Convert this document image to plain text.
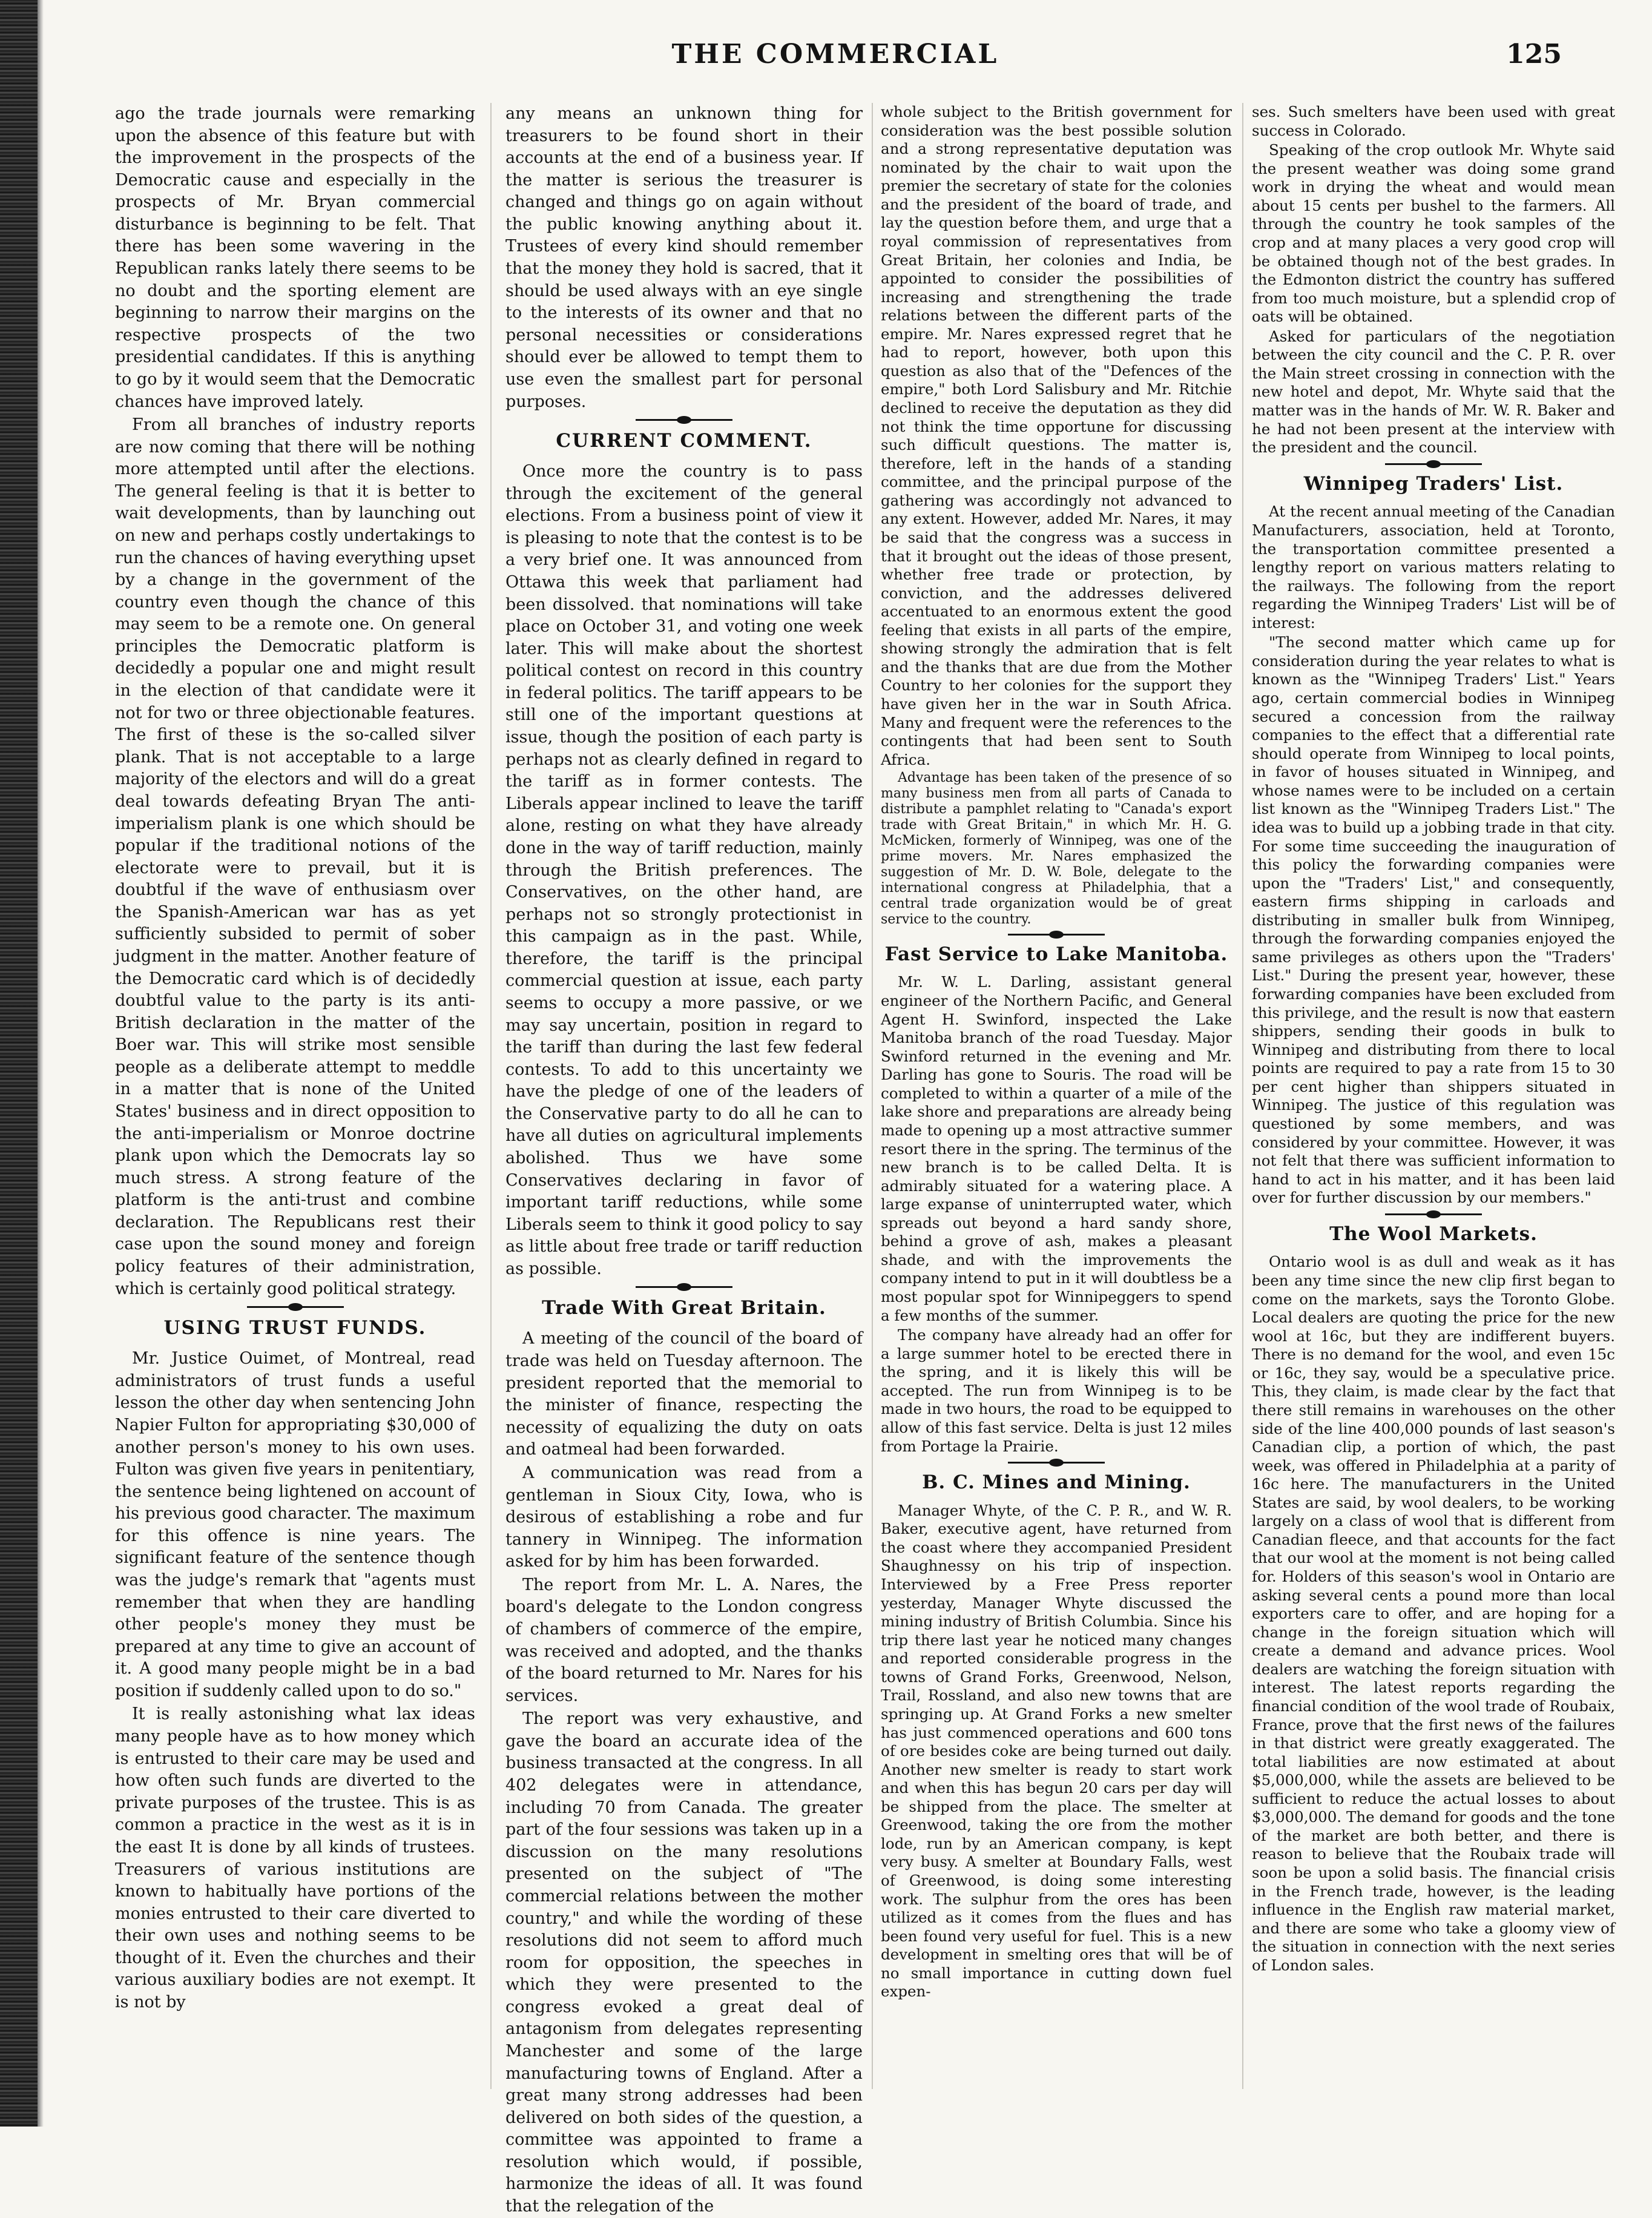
THE COMMERCIAL	125

ago the trade journals were remarking upon the absence of this feature but with the improvement in the prospects of the Democratic cause and especially in the prospects of Mr. Bryan commercial disturbance is beginning to be felt. That there has been some wavering in the Republican ranks lately there seems to be no doubt and the sporting element are beginning to narrow their margins on the respective prospects of the two presidential candidates. If this is anything to go by it would seem that the Democratic chances have improved lately.

From all branches of industry reports are now coming that there will be nothing more attempted until after the elections. The general feeling is that it is better to wait developments, than by launching out on new and perhaps costly undertakings to run the chances of having everything upset by a change in the government of the country even though the chance of this may seem to be a remote one. On general principles the Democratic platform is decidedly a popular one and might result in the election of that candidate were it not for two or three objectionable features. The first of these is the so-called silver plank. That is not acceptable to a large majority of the electors and will do a great deal towards defeating Bryan The anti-imperialism plank is one which should be popular if the traditional notions of the electorate were to prevail, but it is doubtful if the wave of enthusiasm over the Spanish-American war has as yet sufficiently subsided to permit of sober judgment in the matter. Another feature of the Democratic card which is of decidedly doubtful value to the party is its anti-British declaration in the matter of the Boer war. This will strike most sensible people as a deliberate attempt to meddle in a matter that is none of the United States' business and in direct opposition to the anti-imperialism or Monroe doctrine plank upon which the Democrats lay so much stress. A strong feature of the platform is the anti-trust and combine declaration. The Republicans rest their case upon the sound money and foreign policy features of their administration, which is certainly good political strategy.

USING TRUST FUNDS.

Mr. Justice Ouimet, of Montreal, read administrators of trust funds a useful lesson the other day when sentencing John Napier Fulton for appropriating $30,000 of another person's money to his own uses. Fulton was given five years in penitentiary, the sentence being lightened on account of his previous good character. The maximum for this offence is nine years. The significant feature of the sentence though was the judge's remark that "agents must remember that when they are handling other people's money they must be prepared at any time to give an account of it. A good many people might be in a bad position if suddenly called upon to do so."

It is really astonishing what lax ideas many people have as to how money which is entrusted to their care may be used and how often such funds are diverted to the private purposes of the trustee. This is as common a practice in the west as it is in the east It is done by all kinds of trustees. Treasurers of various institutions are known to habitually have portions of the monies entrusted to their care diverted to their own uses and nothing seems to be thought of it. Even the churches and their various auxiliary bodies are not exempt. It is not by

any means an unknown thing for treasurers to be found short in their accounts at the end of a business year. If the matter is serious the treasurer is changed and things go on again without the public knowing anything about it. Trustees of every kind should remember that the money they hold is sacred, that it should be used always with an eye single to the interests of its owner and that no personal necessities or considerations should ever be allowed to tempt them to use even the smallest part for personal purposes.

CURRENT COMMENT.

Once more the country is to pass through the excitement of the general elections. From a business point of view it is pleasing to note that the contest is to be a very brief one. It was announced from Ottawa this week that parliament had been dissolved. that nominations will take place on October 31, and voting one week later. This will make about the shortest political contest on record in this country in federal politics. The tariff appears to be still one of the important questions at issue, though the position of each party is perhaps not as clearly defined in regard to the tariff as in former contests. The Liberals appear inclined to leave the tariff alone, resting on what they have already done in the way of tariff reduction, mainly through the British preferences. The Conservatives, on the other hand, are perhaps not so strongly protectionist in this campaign as in the past. While, therefore, the tariff is the principal commercial question at issue, each party seems to occupy a more passive, or we may say uncertain, position in regard to the tariff than during the last few federal contests. To add to this uncertainty we have the pledge of one of the leaders of the Conservative party to do all he can to have all duties on agricultural implements abolished. Thus we have some Conservatives declaring in favor of important tariff reductions, while some Liberals seem to think it good policy to say as little about free trade or tariff reduction as possible.

Trade With Great Britain.

A meeting of the council of the board of trade was held on Tuesday afternoon. The president reported that the memorial to the minister of finance, respecting the necessity of equalizing the duty on oats and oatmeal had been forwarded.

A communication was read from a gentleman in Sioux City, Iowa, who is desirous of establishing a robe and fur tannery in Winnipeg. The information asked for by him has been forwarded.

The report from Mr. L. A. Nares, the board's delegate to the London congress of chambers of commerce of the empire, was received and adopted, and the thanks of the board returned to Mr. Nares for his services.

The report was very exhaustive, and gave the board an accurate idea of the business transacted at the congress. In all 402 delegates were in attendance, including 70 from Canada. The greater part of the four sessions was taken up in a discussion on the many resolutions presented on the subject of "The commercial relations between the mother country," and while the wording of these resolutions did not seem to afford much room for opposition, the speeches in which they were presented to the congress evoked a great deal of antagonism from delegates representing Manchester and some of the large manufacturing towns of England. After a great many strong addresses had been delivered on both sides of the question, a committee was appointed to frame a resolution which would, if possible, harmonize the ideas of all. It was found that the relegation of the

whole subject to the British government for consideration was the best possible solution and a strong representative deputation was nominated by the chair to wait upon the premier the secretary of state for the colonies and the president of the board of trade, and lay the question before them, and urge that a royal commission of representatives from Great Britain, her colonies and India, be appointed to consider the possibilities of increasing and strengthening the trade relations between the different parts of the empire. Mr. Nares expressed regret that he had to report, however, both upon this question as also that of the "Defences of the empire," both Lord Salisbury and Mr. Ritchie declined to receive the deputation as they did not think the time opportune for discussing such difficult questions. The matter is, therefore, left in the hands of a standing committee, and the principal purpose of the gathering was accordingly not advanced to any extent. However, added Mr. Nares, it may be said that the congress was a success in that it brought out the ideas of those present, whether free trade or protection, by conviction, and the addresses delivered accentuated to an enormous extent the good feeling that exists in all parts of the empire, showing strongly the admiration that is felt and the thanks that are due from the Mother Country to her colonies for the support they have given her in the war in South Africa. Many and frequent were the references to the contingents that had been sent to South Africa.

Advantage has been taken of the presence of so many business men from all parts of Canada to distribute a pamphlet relating to "Canada's export trade with Great Britain," in which Mr. H. G. McMicken, formerly of Winnipeg, was one of the prime movers. Mr. Nares emphasized the suggestion of Mr. D. W. Bole, delegate to the international congress at Philadelphia, that a central trade organization would be of great service to the country.

Fast Service to Lake Manitoba.

Mr. W. L. Darling, assistant general engineer of the Northern Pacific, and General Agent H. Swinford, inspected the Lake Manitoba branch of the road Tuesday. Major Swinford returned in the evening and Mr. Darling has gone to Souris. The road will be completed to within a quarter of a mile of the lake shore and preparations are already being made to opening up a most attractive summer resort there in the spring. The terminus of the new branch is to be called Delta. It is admirably situated for a watering place. A large expanse of uninterrupted water, which spreads out beyond a hard sandy shore, behind a grove of ash, makes a pleasant shade, and with the improvements the company intend to put in it will doubtless be a most popular spot for Winnipeggers to spend a few months of the summer.

The company have already had an offer for a large summer hotel to be erected there in the spring, and it is likely this will be accepted. The run from Winnipeg is to be made in two hours, the road to be equipped to allow of this fast service. Delta is just 12 miles from Portage la Prairie.

B. C. Mines and Mining.

Manager Whyte, of the C. P. R., and W. R. Baker, executive agent, have returned from the coast where they accompanied President Shaughnessy on his trip of inspection. Interviewed by a Free Press reporter yesterday, Manager Whyte discussed the mining industry of British Columbia. Since his trip there last year he noticed many changes and reported considerable progress in the towns of Grand Forks, Greenwood, Nelson, Trail, Rossland, and also new towns that are springing up. At Grand Forks a new smelter has just commenced operations and 600 tons of ore besides coke are being turned out daily. Another new smelter is ready to start work and when this has begun 20 cars per day will be shipped from the place. The smelter at Greenwood, taking the ore from the mother lode, run by an American company, is kept very busy. A smelter at Boundary Falls, west of Greenwood, is doing some interesting work. The sulphur from the ores has been utilized as it comes from the flues and has been found very useful for fuel. This is a new development in smelting ores that will be of no small importance in cutting down fuel expen-

ses. Such smelters have been used with great success in Colorado.

Speaking of the crop outlook Mr. Whyte said the present weather was doing some grand work in drying the wheat and would mean about 15 cents per bushel to the farmers. All through the country he took samples of the crop and at many places a very good crop will be obtained though not of the best grades. In the Edmonton district the country has suffered from too much moisture, but a splendid crop of oats will be obtained.

Asked for particulars of the negotiation between the city council and the C. P. R. over the Main street crossing in connection with the new hotel and depot, Mr. Whyte said that the matter was in the hands of Mr. W. R. Baker and he had not been present at the interview with the president and the council.

Winnipeg Traders' List.

At the recent annual meeting of the Canadian Manufacturers, association, held at Toronto, the transportation committee presented a lengthy report on various matters relating to the railways. The following from the report regarding the Winnipeg Traders' List will be of interest:

"The second matter which came up for consideration during the year relates to what is known as the "Winnipeg Traders' List." Years ago, certain commercial bodies in Winnipeg secured a concession from the railway companies to the effect that a differential rate should operate from Winnipeg to local points, in favor of houses situated in Winnipeg, and whose names were to be included on a certain list known as the "Winnipeg Traders List." The idea was to build up a jobbing trade in that city. For some time succeeding the inauguration of this policy the forwarding companies were upon the "Traders' List," and consequently, eastern firms shipping in carloads and distributing in smaller bulk from Winnipeg, through the forwarding companies enjoyed the same privileges as others upon the "Traders' List." During the present year, however, these forwarding companies have been excluded from this privilege, and the result is now that eastern shippers, sending their goods in bulk to Winnipeg and distributing from there to local points are required to pay a rate from 15 to 30 per cent higher than shippers situated in Winnipeg. The justice of this regulation was questioned by some members, and was considered by your committee. However, it was not felt that there was sufficient information to hand to act in his matter, and it has been laid over for further discussion by our members."

The Wool Markets.

Ontario wool is as dull and weak as it has been any time since the new clip first began to come on the markets, says the Toronto Globe. Local dealers are quoting the price for the new wool at 16c, but they are indifferent buyers. There is no demand for the wool, and even 15c or 16c, they say, would be a speculative price. This, they claim, is made clear by the fact that there still remains in warehouses on the other side of the line 400,000 pounds of last season's Canadian clip, a portion of which, the past week, was offered in Philadelphia at a parity of 16c here. The manufacturers in the United States are said, by wool dealers, to be working largely on a class of wool that is different from Canadian fleece, and that accounts for the fact that our wool at the moment is not being called for. Holders of this season's wool in Ontario are asking several cents a pound more than local exporters care to offer, and are hoping for a change in the foreign situation which will create a demand and advance prices. Wool dealers are watching the foreign situation with interest. The latest reports regarding the financial condition of the wool trade of Roubaix, France, prove that the first news of the failures in that district were greatly exaggerated. The total liabilities are now estimated at about $5,000,000, while the assets are believed to be sufficient to reduce the actual losses to about $3,000,000. The demand for goods and the tone of the market are both better, and there is reason to believe that the Roubaix trade will soon be upon a solid basis. The financial crisis in the French trade, however, is the leading influence in the English raw material market, and there are some who take a gloomy view of the situation in connection with the next series of London sales.
